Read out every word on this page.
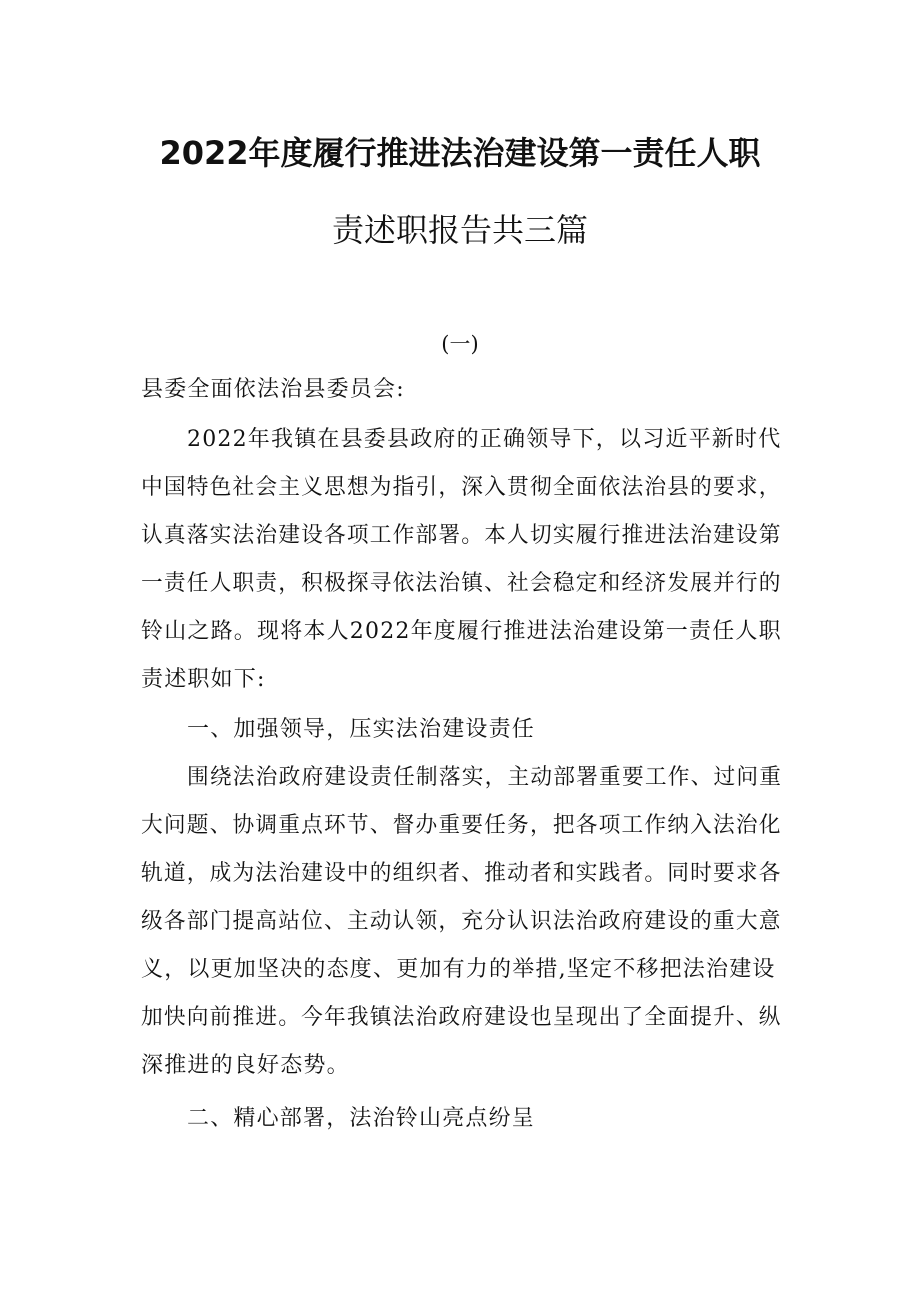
2022年度履行推进法治建设第一责任人职
责述职报告共三篇
(一)
县委全面依法治县委员会:
2022年我镇在县委县政府的正确领导下，以习近平新时代
中国特色社会主义思想为指引，深入贯彻全面依法治县的要求，
认真落实法治建设各项工作部署。本人切实履行推进法治建设第
一责任人职责，积极探寻依法治镇、社会稳定和经济发展并行的
铃山之路。现将本人2022年度履行推进法治建设第一责任人职
责述职如下:
一、加强领导，压实法治建设责任
围绕法治政府建设责任制落实，主动部署重要工作、过问重
大问题、协调重点环节、督办重要任务，把各项工作纳入法治化
轨道，成为法治建设中的组织者、推动者和实践者。同时要求各
级各部门提高站位、主动认领，充分认识法治政府建设的重大意
义，以更加坚决的态度、更加有力的举措,坚定不移把法治建设
加快向前推进。今年我镇法治政府建设也呈现出了全面提升、纵
深推进的良好态势。
二、精心部署，法治铃山亮点纷呈
